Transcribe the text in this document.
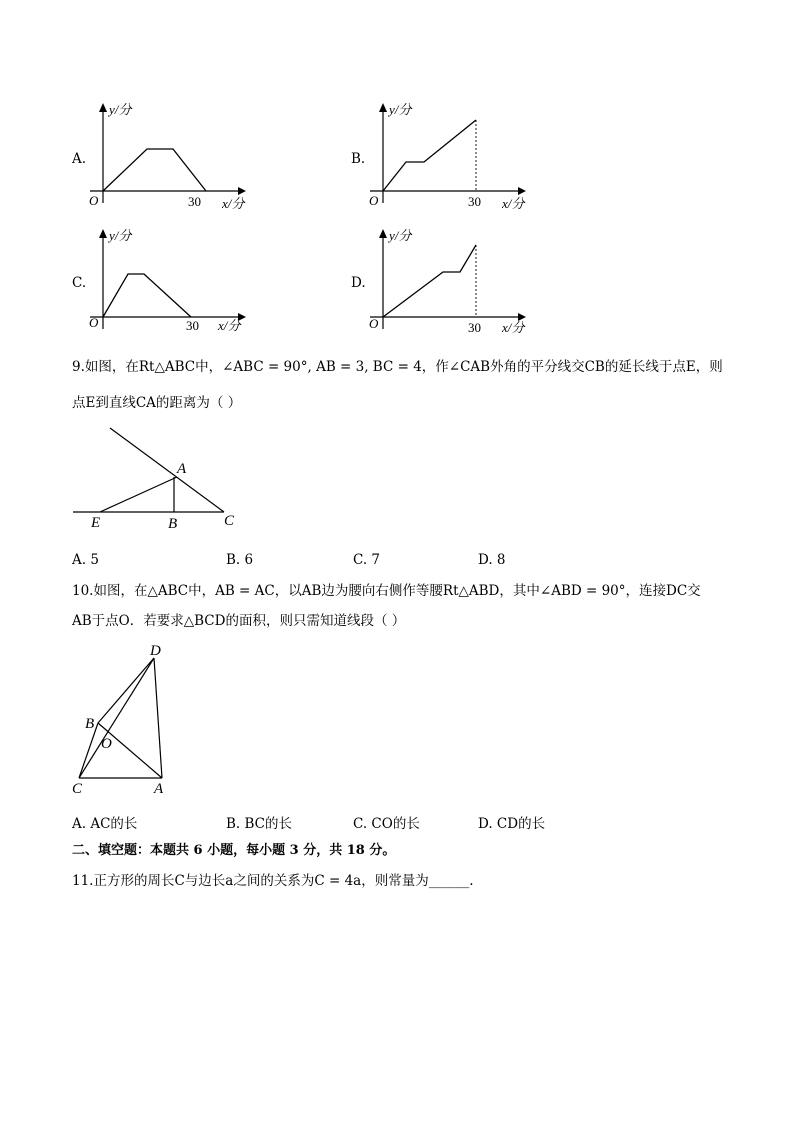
A.
y/分
O	30 x/分
B.
y/分
O	30 x/分
C.
y/分
O	30 x/分
D.
y/分
O	30 x/分
9.如图，在Rt△ABC中，∠ABC = 90°, AB = 3, BC = 4，作∠CAB外角的平分线交CB的延长线于点E，则
点E到直线CA的距离为（ ）
A
E	B	C
A. 5	B. 6	C. 7	D. 8
10.如图，在△ABC中，AB = AC，以AB边为腰向右侧作等腰Rt△ABD，其中∠ABD = 90°，连接DC交
AB于点O．若要求△BCD的面积，则只需知道线段（ ）
D
B
O
C	A
A. AC的长	B. BC的长	C. CO的长	D. CD的长
二、填空题：本题共 6 小题，每小题 3 分，共 18 分。
11.正方形的周长C与边长a之间的关系为C = 4a，则常量为______.
